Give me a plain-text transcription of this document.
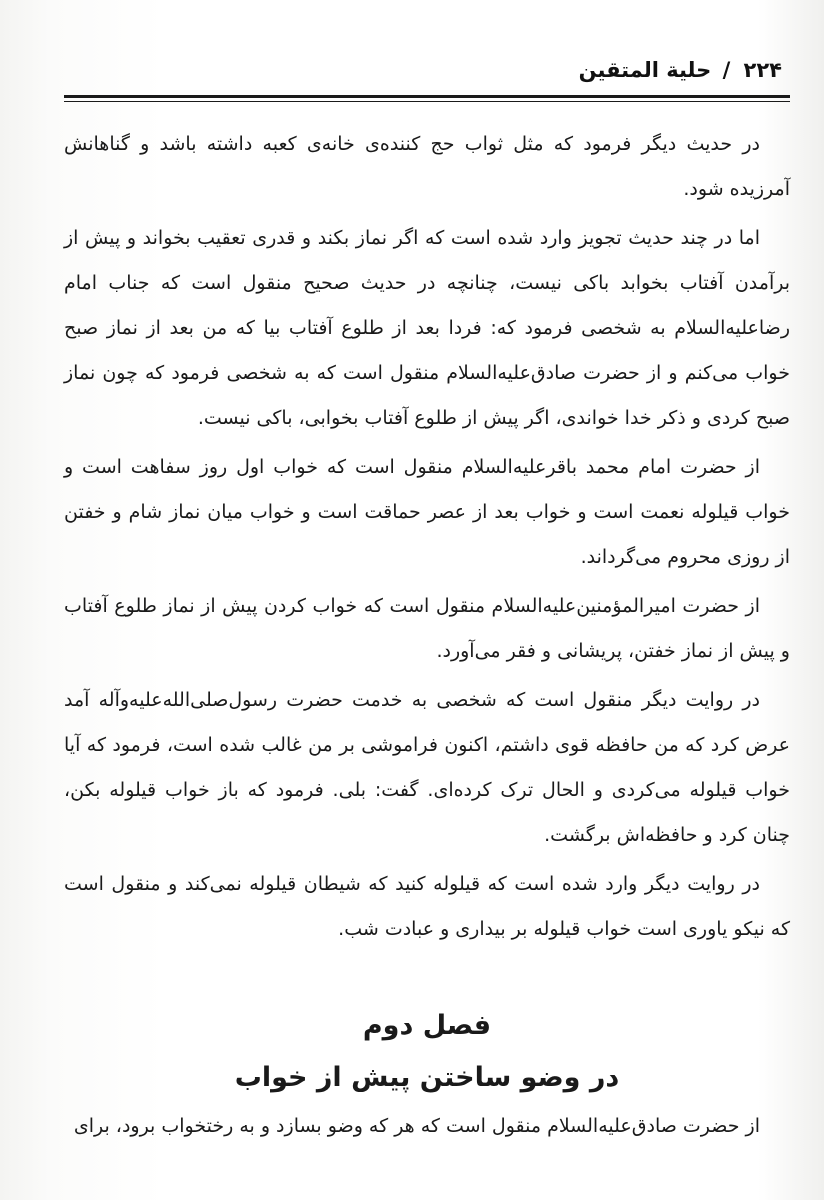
۲۲۴ / حلیة المتقین

در حدیث دیگر فرمود که مثل ثواب حج کننده‌ی خانه‌ی کعبه داشته باشد و گناهانش آمرزیده شود.

اما در چند حدیث تجویز وارد شده است که اگر نماز بکند و قدری تعقیب بخواند و پیش از برآمدن آفتاب بخوابد باکی نیست، چنانچه در حدیث صحیح منقول است که جناب امام رضاعلیه‌السلام به شخصی فرمود که: فردا بعد از طلوع آفتاب بیا که من بعد از نماز صبح خواب می‌کنم و از حضرت صادق‌علیه‌السلام منقول است که به شخصی فرمود که چون نماز صبح کردی و ذکر خدا خواندی، اگر پیش از طلوع آفتاب بخوابی، باکی نیست.

از حضرت امام محمد باقرعلیه‌السلام منقول است که خواب اول روز سفاهت است و خواب قیلوله نعمت است و خواب بعد از عصر حماقت است و خواب میان نماز شام و خفتن از روزی محروم می‌گرداند.

از حضرت امیرالمؤمنین‌علیه‌السلام منقول است که خواب کردن پیش از نماز طلوع آفتاب و پیش از نماز خفتن، پریشانی و فقر می‌آورد.

در روایت دیگر منقول است که شخصی به خدمت حضرت رسول‌صلی‌الله‌علیه‌وآله آمد عرض کرد که من حافظه قوی داشتم، اکنون فراموشی بر من غالب شده است، فرمود که آیا خواب قیلوله می‌کردی و الحال ترک کرده‌ای. گفت: بلی. فرمود که باز خواب قیلوله بکن، چنان کرد و حافظه‌اش برگشت.

در روایت دیگر وارد شده است که قیلوله کنید که شیطان قیلوله نمی‌کند و منقول است که نیکو یاوری است خواب قیلوله بر بیداری و عبادت شب.

فصل دوم
در وضو ساختن پیش از خواب
از حضرت صادق‌علیه‌السلام منقول است که هر که وضو بسازد و به رختخواب برود، برای
